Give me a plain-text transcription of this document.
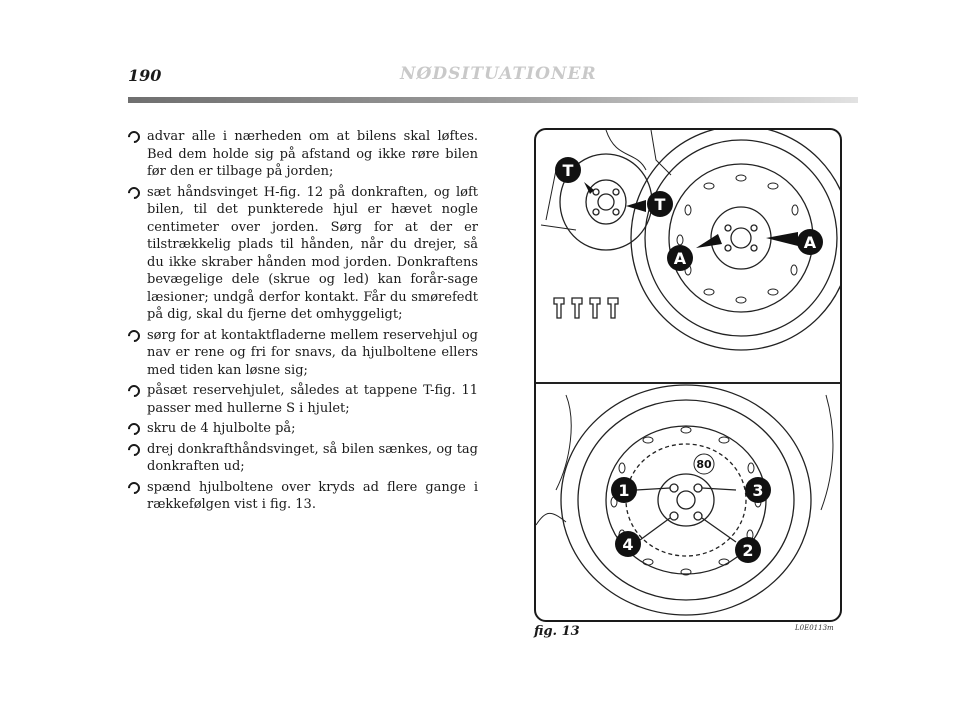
190	NØDSITUATIONER
advar alle i nærheden om at bilens skal løftes. Bed dem holde sig på afstand og ikke røre bilen før den er tilbage på jorden;
sæt håndsvinget H-fig. 12 på donkraften, og løft bilen, til det punkterede hjul er hævet nogle centimeter over jorden. Sørg for at der er tilstrækkelig plads til hånden, når du drejer, så du ikke skraber hånden mod jorden. Donkraftens bevægelige dele (skrue og led) kan forår-sage læsioner; undgå derfor kontakt. Får du smørefedt på dig, skal du fjerne det omhyggeligt;
sørg for at kontaktfladerne mellem reservehjul og nav er rene og fri for snavs, da hjulboltene ellers med tiden kan løsne sig;
påsæt reservehjulet, således at tappene T-fig. 11 passer med hullerne S i hjulet;
skru de 4 hjulbolte på;
drej donkrafthåndsvinget, så bilen sænkes, og tag donkraften ud;
spænd hjulboltene over kryds ad flere gange i rækkefølgen vist i fig. 13.
T
T
A
A
80
1	3
4	2
fig. 13	L0E0113m
